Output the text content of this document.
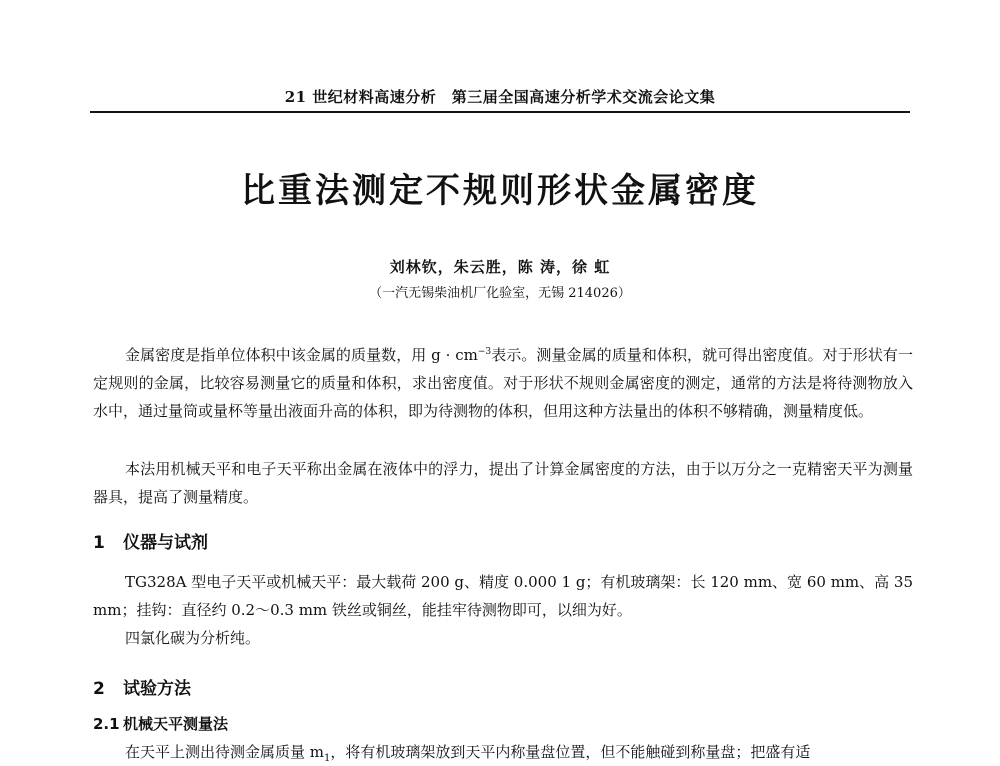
21 世纪材料高速分析　第三届全国高速分析学术交流会论文集
比重法测定不规则形状金属密度
刘林钦，朱云胜，陈 涛，徐 虹
（一汽无锡柴油机厂化验室，无锡 214026）
金属密度是指单位体积中该金属的质量数，用 $g \cdot cm^{-3}$表示。测量金属的质量和体积，就可得出密度值。对于形状有一定规则的金属，比较容易测量它的质量和体积，求出密度值。对于形状不规则金属密度的测定，通常的方法是将待测物放入水中，通过量筒或量杯等量出液面升高的体积，即为待测物的体积，但用这种方法量出的体积不够精确，测量精度低。
本法用机械天平和电子天平称出金属在液体中的浮力，提出了计算金属密度的方法，由于以万分之一克精密天平为测量器具，提高了测量精度。
1 仪器与试剂
TG328A 型电子天平或机械天平：最大载荷 200 g、精度 0.000 1 g；有机玻璃架：长 120 mm、宽 60 mm、高 35 mm；挂钩：直径约 0.2～0.3 mm 铁丝或铜丝，能挂牢待测物即可，以细为好。
四氯化碳为分析纯。
2 试验方法
2.1 机械天平测量法
在天平上测出待测金属质量 $m_1$，将有机玻璃架放到天平内称量盘位置，但不能触碰到称量盘；把盛有适
